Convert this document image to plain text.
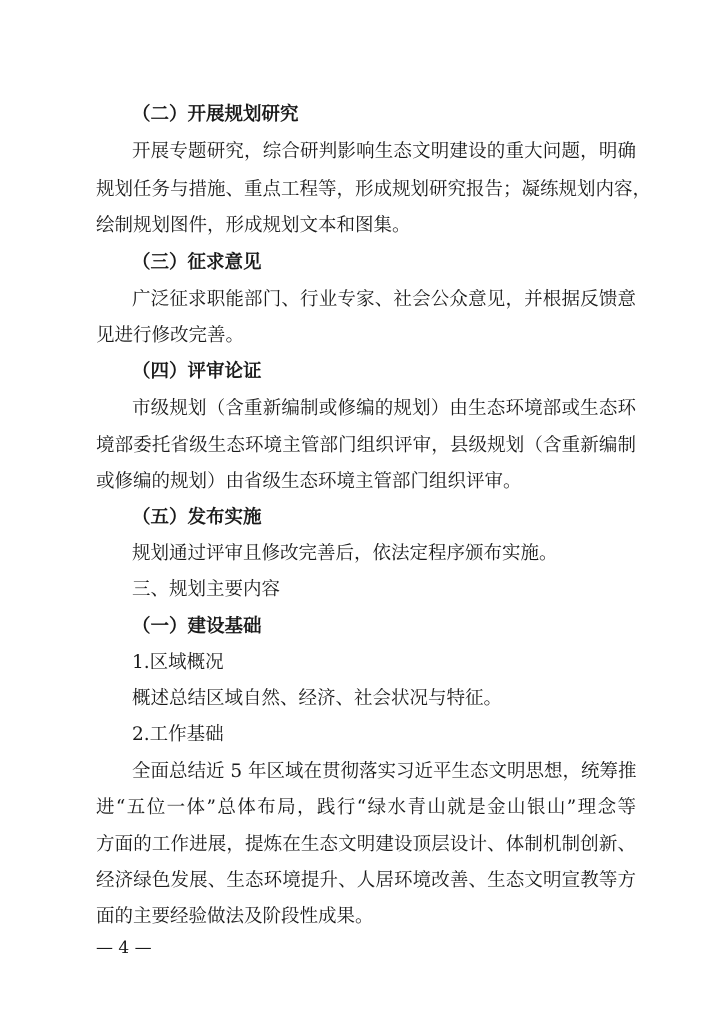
（二）开展规划研究
开展专题研究，综合研判影响生态文明建设的重大问题，明确
规划任务与措施、重点工程等，形成规划研究报告；凝练规划内容，
绘制规划图件，形成规划文本和图集。
（三）征求意见
广泛征求职能部门、行业专家、社会公众意见，并根据反馈意
见进行修改完善。
（四）评审论证
市级规划（含重新编制或修编的规划）由生态环境部或生态环
境部委托省级生态环境主管部门组织评审，县级规划（含重新编制
或修编的规划）由省级生态环境主管部门组织评审。
（五）发布实施
规划通过评审且修改完善后，依法定程序颁布实施。
三、规划主要内容
（一）建设基础
1.区域概况
概述总结区域自然、经济、社会状况与特征。
2.工作基础
全面总结近 5 年区域在贯彻落实习近平生态文明思想，统筹推
进“五位一体”总体布局，践行“绿水青山就是金山银山”理念等
方面的工作进展，提炼在生态文明建设顶层设计、体制机制创新、
经济绿色发展、生态环境提升、人居环境改善、生态文明宣教等方
面的主要经验做法及阶段性成果。
— 4 —
